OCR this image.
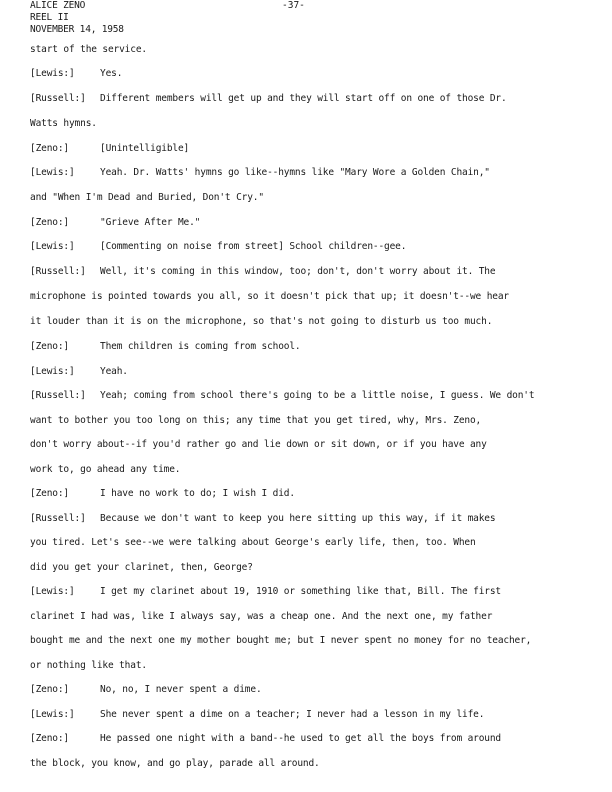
ALICE ZENO
REEL II
NOVEMBER 14, 1958
-37-
start of the service.
[Lewis:]	Yes.
[Russell:] Different members will get up and they will start off on one of those Dr.
Watts hymns.
[Zeno:]	[Unintelligible]
[Lewis:]	Yeah. Dr. Watts' hymns go like--hymns like "Mary Wore a Golden Chain,"
and "When I'm Dead and Buried, Don't Cry."
[Zeno:]	"Grieve After Me."
[Lewis:]	[Commenting on noise from street] School children--gee.
[Russell:] Well, it's coming in this window, too; don't, don't worry about it. The
microphone is pointed towards you all, so it doesn't pick that up; it doesn't--we hear
it louder than it is on the microphone, so that's not going to disturb us too much.
[Zeno:]	Them children is coming from school.
[Lewis:]	Yeah.
[Russell:] Yeah; coming from school there's going to be a little noise, I guess. We don't
want to bother you too long on this; any time that you get tired, why, Mrs. Zeno,
don't worry about--if you'd rather go and lie down or sit down, or if you have any
work to, go ahead any time.
[Zeno:]	I have no work to do; I wish I did.
[Russell:] Because we don't want to keep you here sitting up this way, if it makes
you tired. Let's see--we were talking about George's early life, then, too. When
did you get your clarinet, then, George?
[Lewis:]	I get my clarinet about 19, 1910 or something like that, Bill. The first
clarinet I had was, like I always say, was a cheap one. And the next one, my father
bought me and the next one my mother bought me; but I never spent no money for no teacher,
or nothing like that.
[Zeno:]	No, no, I never spent a dime.
[Lewis:]	She never spent a dime on a teacher; I never had a lesson in my life.
[Zeno:]	He passed one night with a band--he used to get all the boys from around
the block, you know, and go play, parade all around.
